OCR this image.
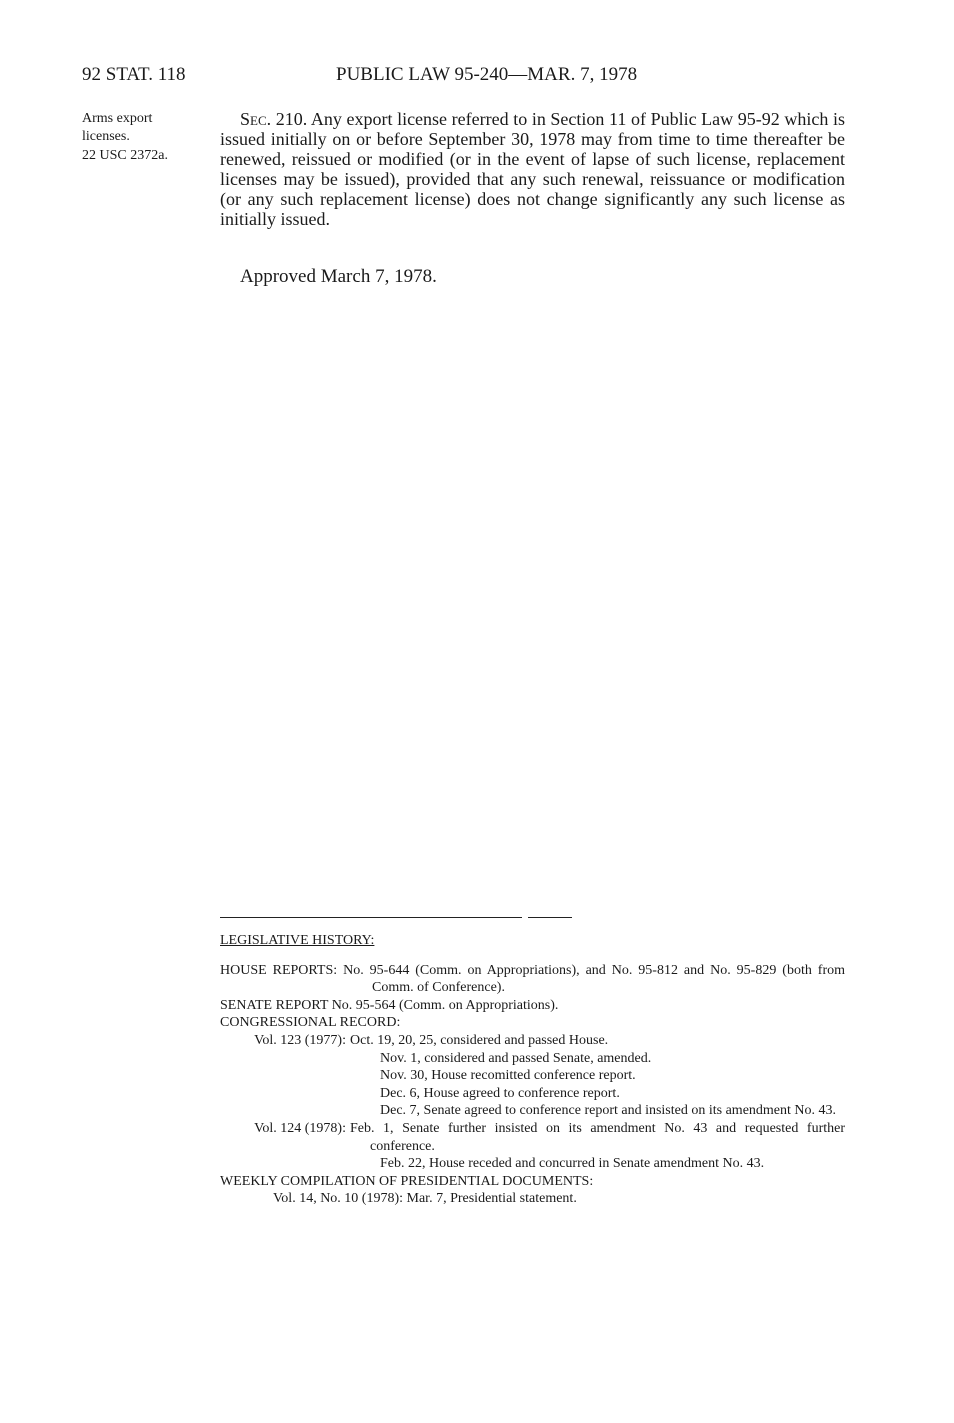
92 STAT. 118	PUBLIC LAW 95-240—MAR. 7, 1978
Arms export
licenses.
22 USC 2372a.
Sec. 210. Any export license referred to in Section 11 of Public Law 95-92 which is issued initially on or before September 30, 1978 may from time to time thereafter be renewed, reissued or modified (or in the event of lapse of such license, replacement licenses may be issued), provided that any such renewal, reissuance or modification (or any such replacement license) does not change significantly any such license as initially issued.
Approved March 7, 1978.
LEGISLATIVE HISTORY:
HOUSE REPORTS: No. 95-644 (Comm. on Appropriations), and No. 95-812 and No. 95-829 (both from Comm. of Conference).
SENATE REPORT No. 95-564 (Comm. on Appropriations).
CONGRESSIONAL RECORD:
Vol. 123 (1977): Oct. 19, 20, 25, considered and passed House.
Nov. 1, considered and passed Senate, amended.
Nov. 30, House recomitted conference report.
Dec. 6, House agreed to conference report.
Dec. 7, Senate agreed to conference report and insisted on its amendment No. 43.
Vol. 124 (1978): Feb. 1, Senate further insisted on its amendment No. 43 and requested further conference.
Feb. 22, House receded and concurred in Senate amendment No. 43.
WEEKLY COMPILATION OF PRESIDENTIAL DOCUMENTS:
Vol. 14, No. 10 (1978): Mar. 7, Presidential statement.
